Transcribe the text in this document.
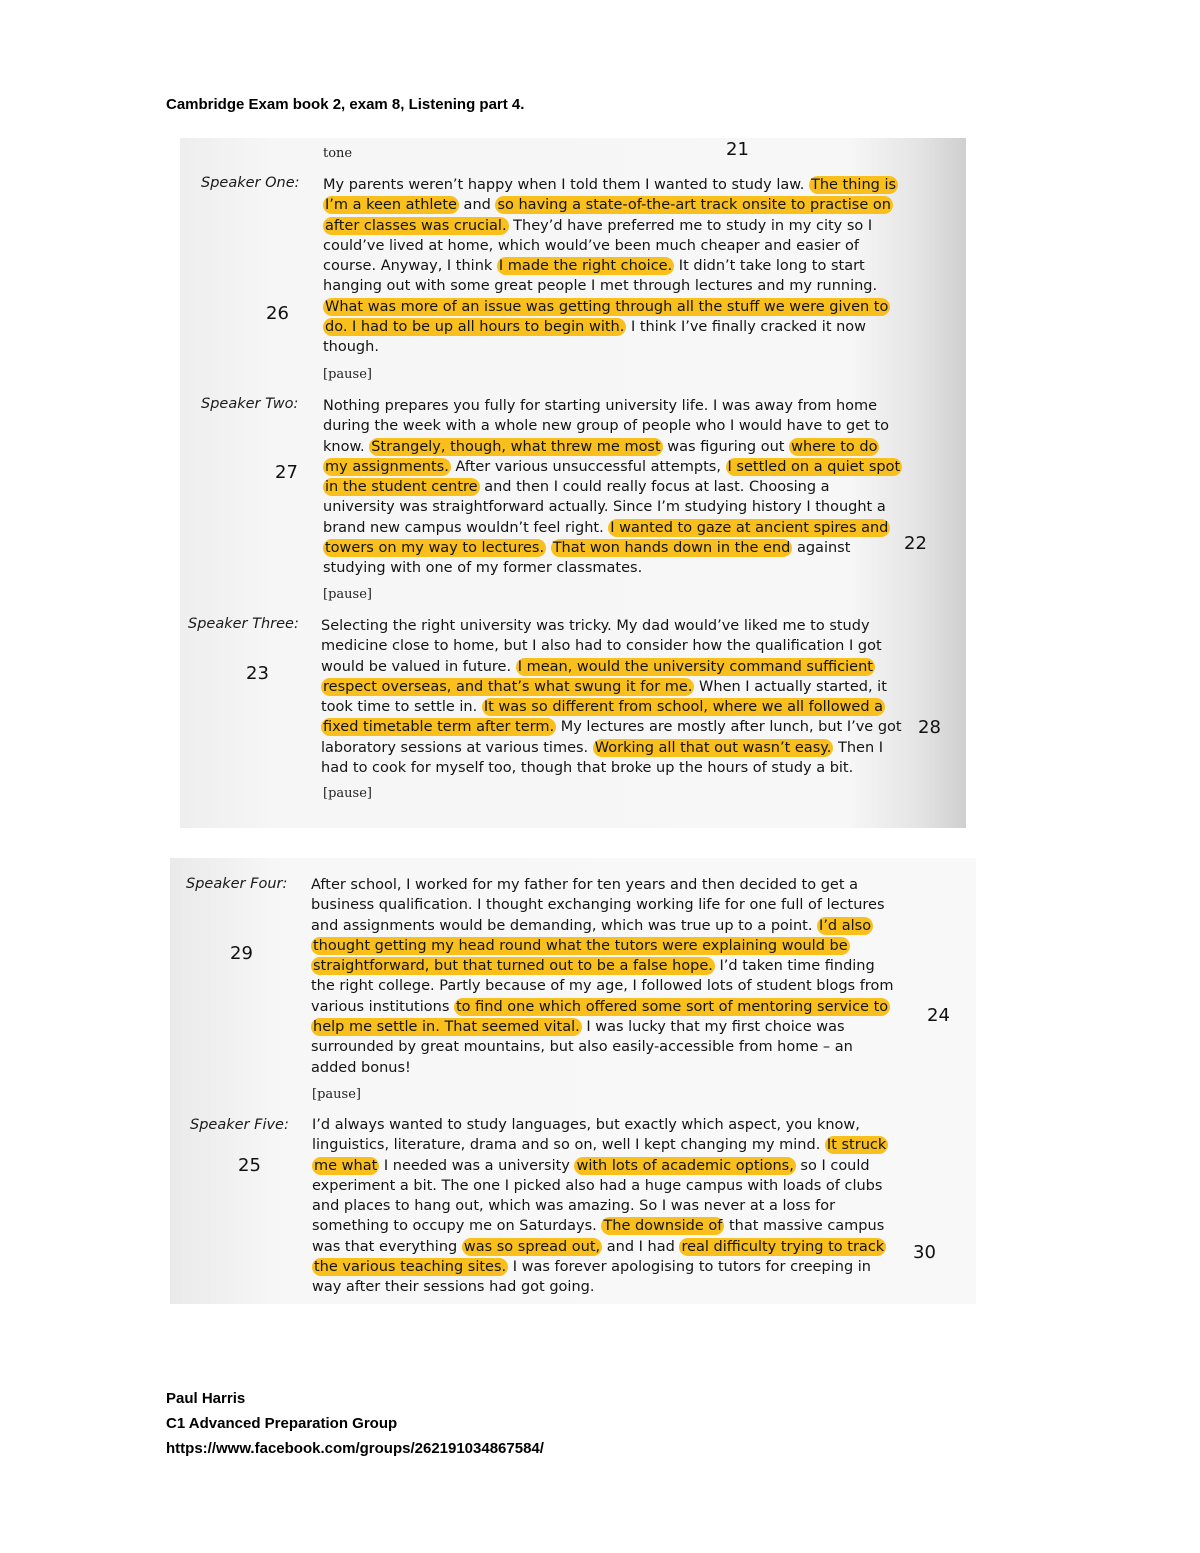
Cambridge Exam book 2, exam 8, Listening part 4.
tone	21
Speaker One: My parents weren’t happy when I told them I wanted to study law. The thing is I’m a keen athlete and so having a state-of-the-art track onsite to practise on after classes was crucial. They’d have preferred me to study in my city so I could’ve lived at home, which would’ve been much cheaper and easier of course. Anyway, I think I made the right choice. It didn’t take long to start hanging out with some great people I met through lectures and my running. What was more of an issue was getting through all the stuff we were given to do. I had to be up all hours to begin with. I think I’ve finally cracked it now though.
26
[pause]
Speaker Two: Nothing prepares you fully for starting university life. I was away from home during the week with a whole new group of people who I would have to get to know. Strangely, though, what threw me most was figuring out where to do my assignments. After various unsuccessful attempts, I settled on a quiet spot in the student centre and then I could really focus at last. Choosing a university was straightforward actually. Since I’m studying history I thought a brand new campus wouldn’t feel right. I wanted to gaze at ancient spires and towers on my way to lectures. That won hands down in the end against studying with one of my former classmates.
27
22
[pause]
Speaker Three: Selecting the right university was tricky. My dad would’ve liked me to study medicine close to home, but I also had to consider how the qualification I got would be valued in future. I mean, would the university command sufficient respect overseas, and that’s what swung it for me. When I actually started, it took time to settle in. It was so different from school, where we all followed a fixed timetable term after term. My lectures are mostly after lunch, but I’ve got laboratory sessions at various times. Working all that out wasn’t easy. Then I had to cook for myself too, though that broke up the hours of study a bit.
23
28
[pause]
Speaker Four: After school, I worked for my father for ten years and then decided to get a business qualification. I thought exchanging working life for one full of lectures and assignments would be demanding, which was true up to a point. I’d also thought getting my head round what the tutors were explaining would be straightforward, but that turned out to be a false hope. I’d taken time finding the right college. Partly because of my age, I followed lots of student blogs from various institutions to find one which offered some sort of mentoring service to help me settle in. That seemed vital. I was lucky that my first choice was surrounded by great mountains, but also easily-accessible from home – an added bonus!
29
24
[pause]
Speaker Five: I’d always wanted to study languages, but exactly which aspect, you know, linguistics, literature, drama and so on, well I kept changing my mind. It struck me what I needed was a university with lots of academic options, so I could experiment a bit. The one I picked also had a huge campus with loads of clubs and places to hang out, which was amazing. So I was never at a loss for something to occupy me on Saturdays. The downside of that massive campus was that everything was so spread out, and I had real difficulty trying to track the various teaching sites. I was forever apologising to tutors for creeping in way after their sessions had got going.
25
30
Paul Harris
C1 Advanced Preparation Group
https://www.facebook.com/groups/262191034867584/
